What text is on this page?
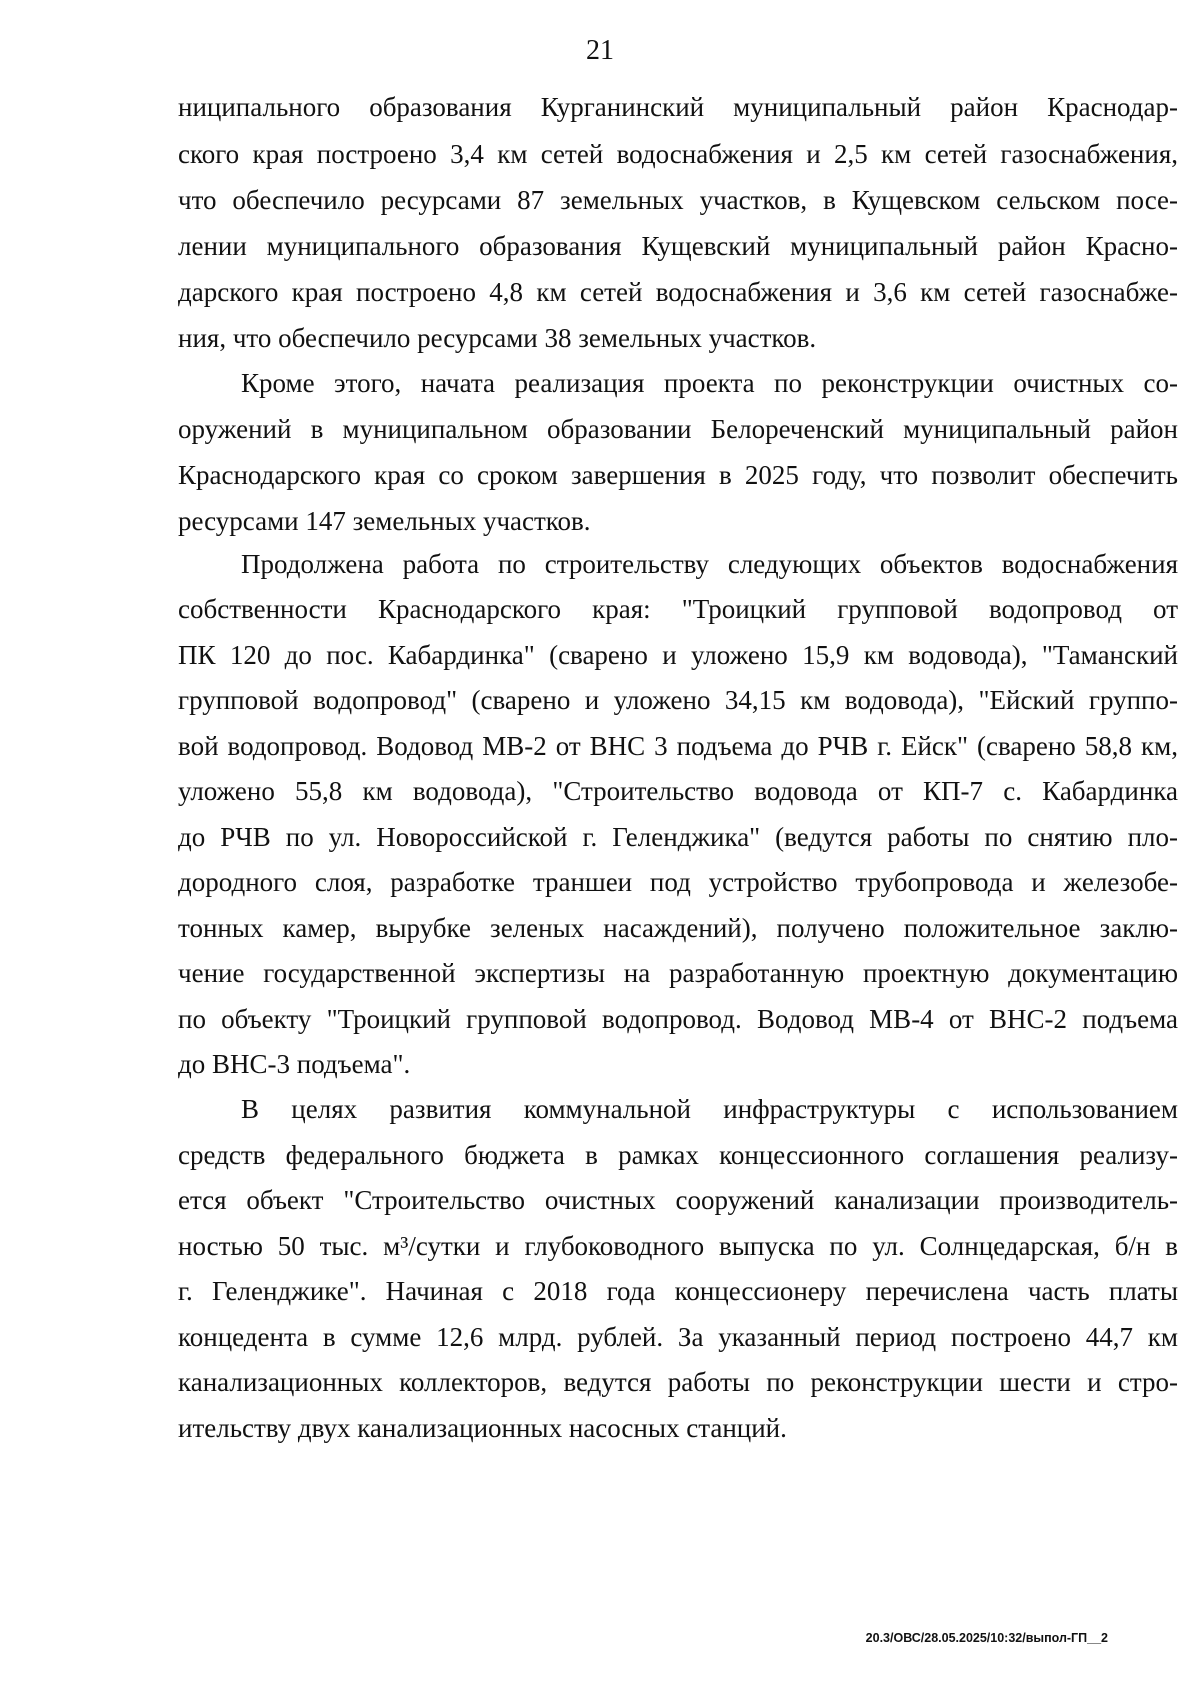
21
ниципального образования Курганинский муниципальный район Краснодар-
ского края построено 3,4 км сетей водоснабжения и 2,5 км сетей газоснабжения,
что обеспечило ресурсами 87 земельных участков, в Кущевском сельском посе-
лении муниципального образования Кущевский муниципальный район Красно-
дарского края построено 4,8 км сетей водоснабжения и 3,6 км сетей газоснабже-
ния, что обеспечило ресурсами 38 земельных участков.
Кроме этого, начата реализация проекта по реконструкции очистных со-
оружений в муниципальном образовании Белореченский муниципальный район
Краснодарского края со сроком завершения в 2025 году, что позволит обеспечить
ресурсами 147 земельных участков.
Продолжена работа по строительству следующих объектов водоснабжения
собственности Краснодарского края: "Троицкий групповой водопровод от
ПК 120 до пос. Кабардинка" (сварено и уложено 15,9 км водовода), "Таманский
групповой водопровод" (сварено и уложено 34,15 км водовода), "Ейский группо-
вой водопровод. Водовод МВ-2 от ВНС 3 подъема до РЧВ г. Ейск" (сварено 58,8 км,
уложено 55,8 км водовода), "Строительство водовода от КП-7 с. Кабардинка
до РЧВ по ул. Новороссийской г. Геленджика" (ведутся работы по снятию пло-
дородного слоя, разработке траншеи под устройство трубопровода и железобе-
тонных камер, вырубке зеленых насаждений), получено положительное заклю-
чение государственной экспертизы на разработанную проектную документацию
по объекту "Троицкий групповой водопровод. Водовод МВ-4 от ВНС-2 подъема
до ВНС-3 подъема".
В целях развития коммунальной инфраструктуры с использованием
средств федерального бюджета в рамках концессионного соглашения реализу-
ется объект "Строительство очистных сооружений канализации производитель-
ностью 50 тыс. м³/сутки и глубоководного выпуска по ул. Солнцедарская, б/н в
г. Геленджике". Начиная с 2018 года концессионеру перечислена часть платы
концедента в сумме 12,6 млрд. рублей. За указанный период построено 44,7 км
канализационных коллекторов, ведутся работы по реконструкции шести и стро-
ительству двух канализационных насосных станций.
20.3/ОВС/28.05.2025/10:32/выпол-ГП__2
